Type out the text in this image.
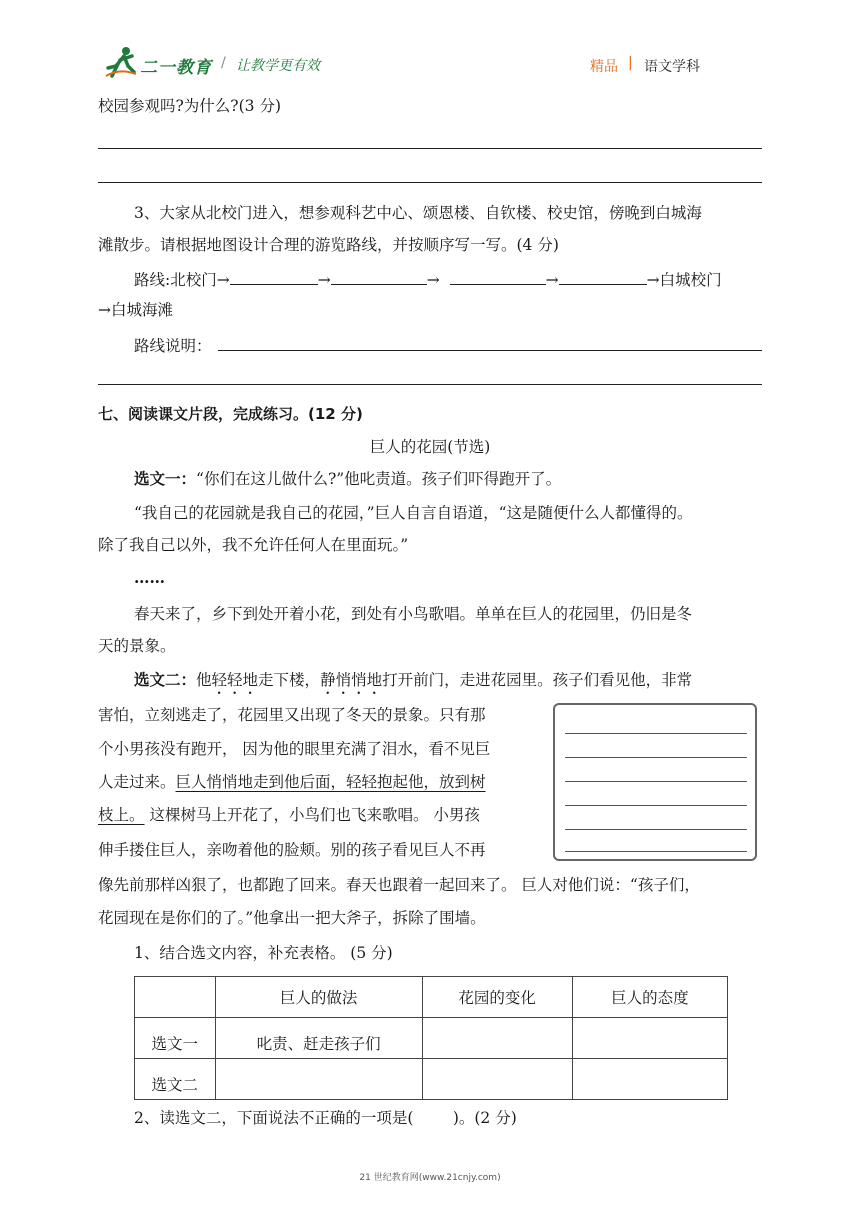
二一教育 / 让教学更有效	精品 | 语文学科
校园参观吗?为什么?(3 分)
3、大家从北校门进入，想参观科艺中心、颂恩楼、自钦楼、校史馆，傍晚到白城海
滩散步。请根据地图设计合理的游览路线，并按顺序写一写。(4 分)
路线:北校门→	→	→	→	→白城校门
→白城海滩
路线说明：
七、阅读课文片段，完成练习。(12 分)
巨人的花园(节选)
选文一：“你们在这儿做什么?”他叱责道。孩子们吓得跑开了。
“我自己的花园就是我自己的花园，”巨人自言自语道，“这是随便什么人都懂得的。
除了我自己以外，我不允许任何人在里面玩。”
……
春天来了，乡下到处开着小花，到处有小鸟歌唱。单单在巨人的花园里，仍旧是冬
天的景象。
选文二：他轻轻地走下楼，静悄悄地打开前门，走进花园里。孩子们看见他，非常
害怕，立刻逃走了，花园里又出现了冬天的景象。只有那
个小男孩没有跑开， 因为他的眼里充满了泪水，看不见巨
人走过来。巨人悄悄地走到他后面，轻轻抱起他，放到树
枝上。 这棵树马上开花了，小鸟们也飞来歌唱。 小男孩
伸手搂住巨人，亲吻着他的脸颊。别的孩子看见巨人不再
像先前那样凶狠了，也都跑了回来。春天也跟着一起回来了。 巨人对他们说：“孩子们，
花园现在是你们的了。”他拿出一把大斧子，拆除了围墙。
1、结合选文内容，补充表格。 (5 分)
	巨人的做法	花园的变化	巨人的态度
选文一	叱责、赶走孩子们		
选文二			
2、读选文二，下面说法不正确的一项是(        )。(2 分)
21 世纪教育网(www.21cnjy.com)
